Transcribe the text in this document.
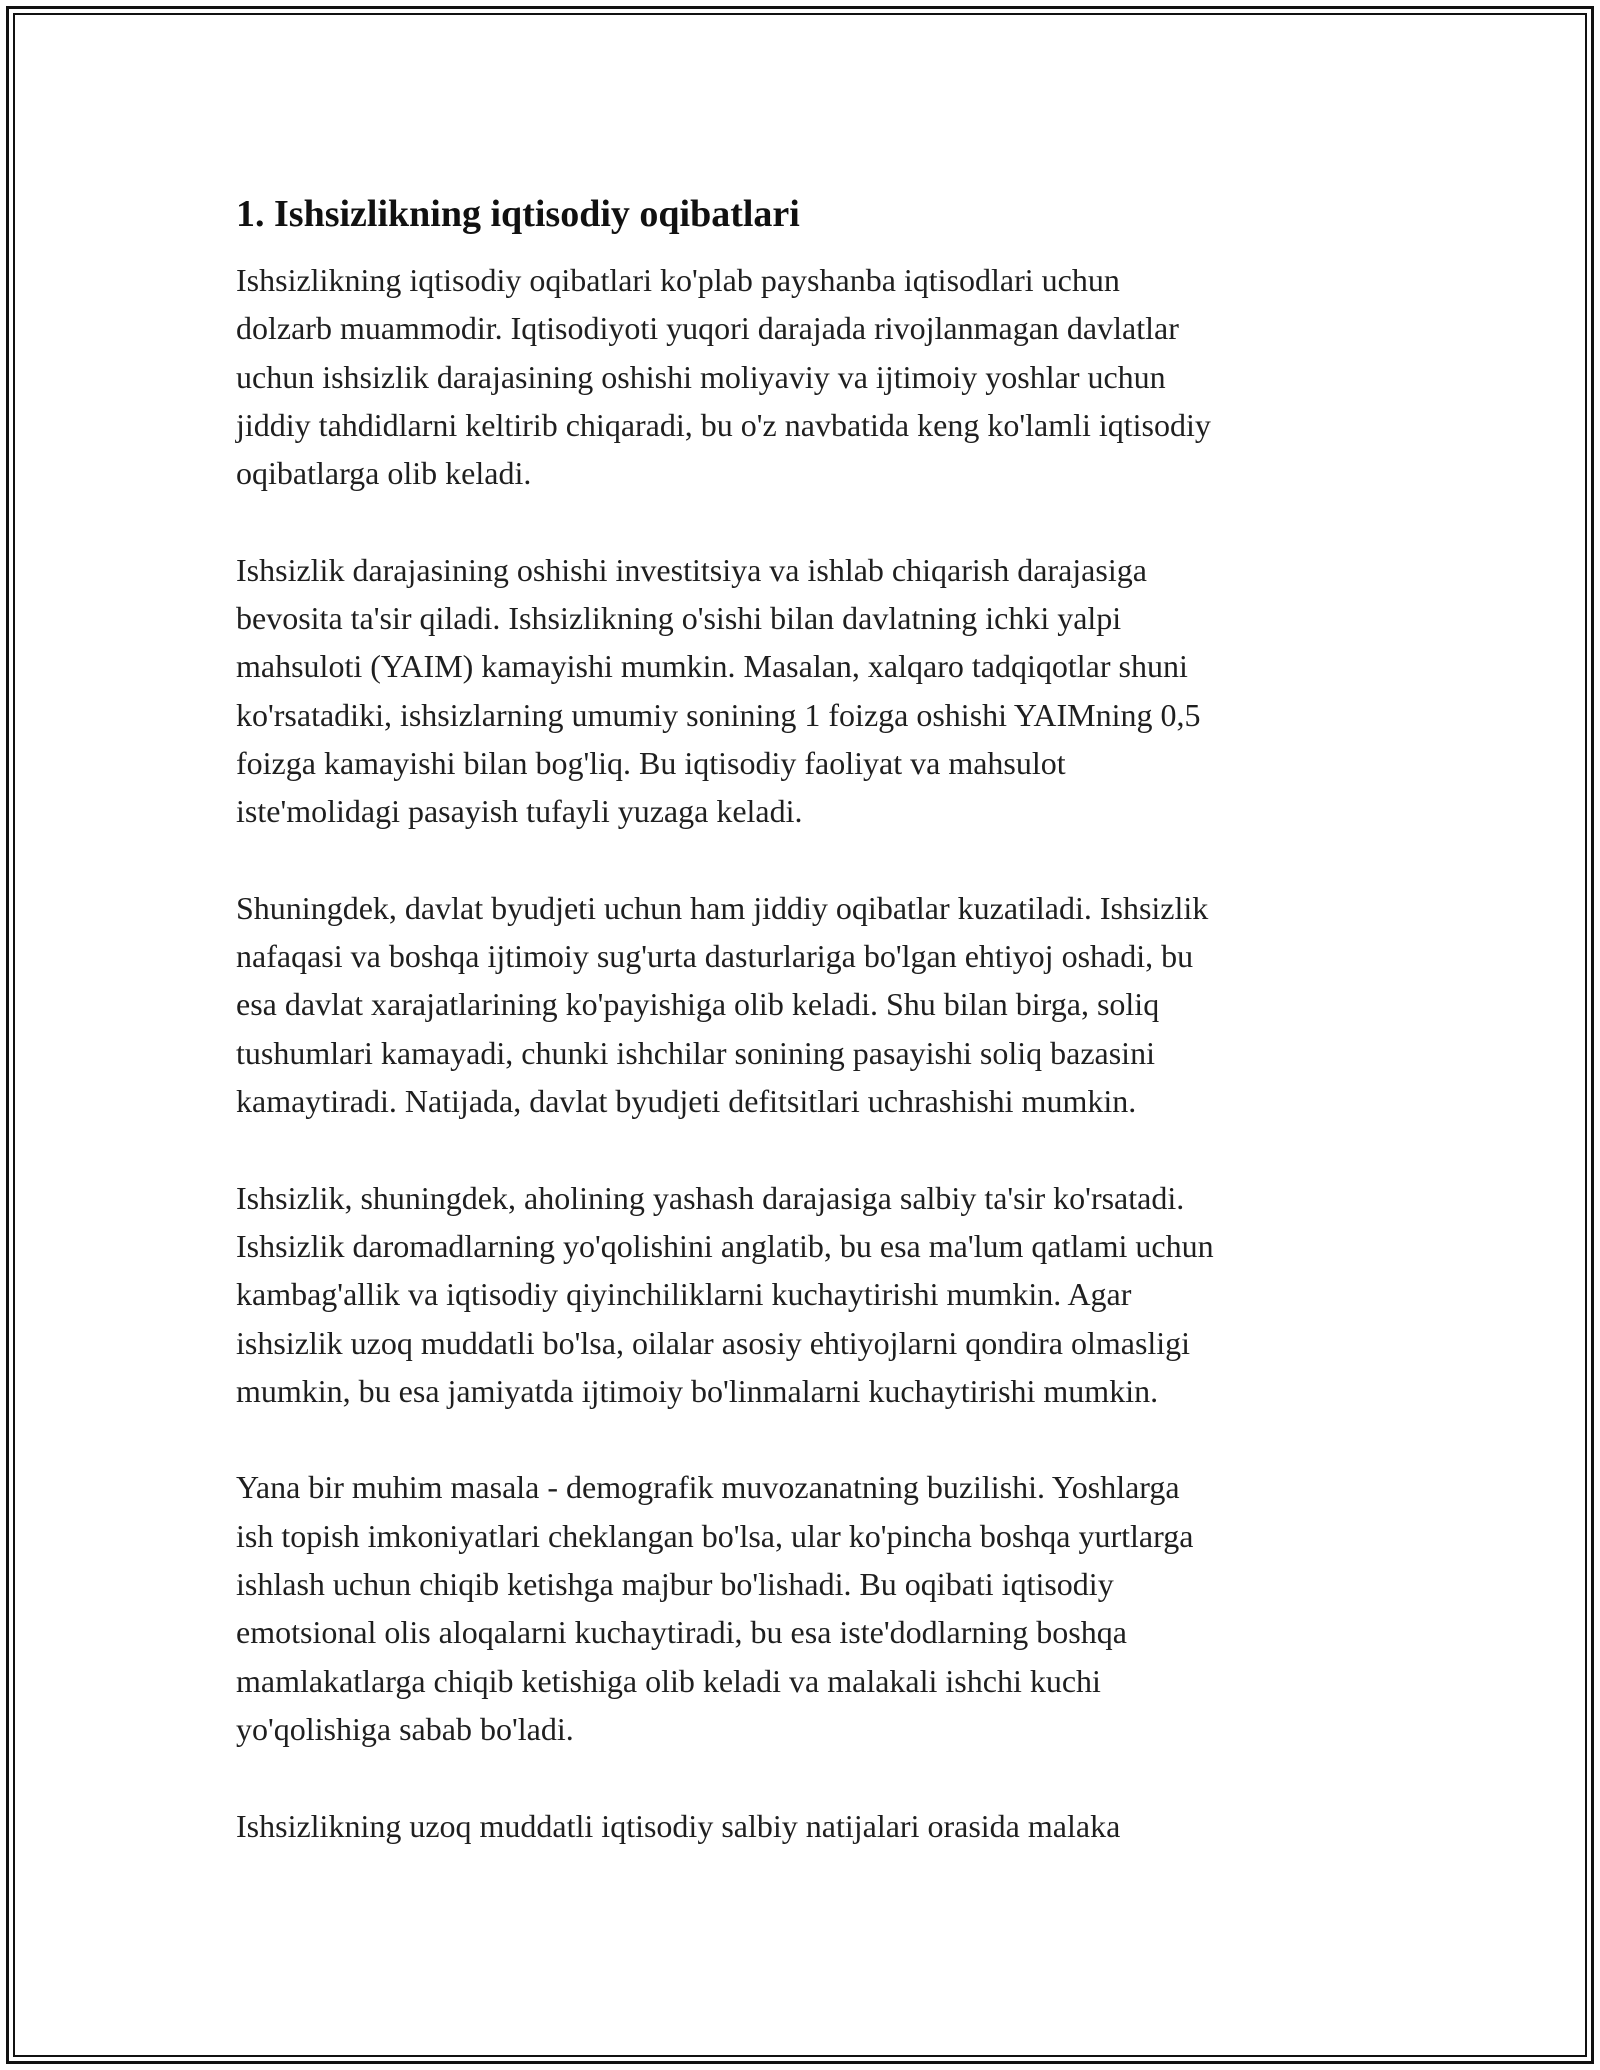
1. Ishsizlikning iqtisodiy oqibatlari

Ishsizlikning iqtisodiy oqibatlari ko'plab payshanba iqtisodlari uchun
dolzarb muammodir. Iqtisodiyoti yuqori darajada rivojlanmagan davlatlar
uchun ishsizlik darajasining oshishi moliyaviy va ijtimoiy yoshlar uchun
jiddiy tahdidlarni keltirib chiqaradi, bu o'z navbatida keng ko'lamli iqtisodiy
oqibatlarga olib keladi.

Ishsizlik darajasining oshishi investitsiya va ishlab chiqarish darajasiga
bevosita ta'sir qiladi. Ishsizlikning o'sishi bilan davlatning ichki yalpi
mahsuloti (YAIM) kamayishi mumkin. Masalan, xalqaro tadqiqotlar shuni
ko'rsatadiki, ishsizlarning umumiy sonining 1 foizga oshishi YAIMning 0,5
foizga kamayishi bilan bog'liq. Bu iqtisodiy faoliyat va mahsulot
iste'molidagi pasayish tufayli yuzaga keladi.

Shuningdek, davlat byudjeti uchun ham jiddiy oqibatlar kuzatiladi. Ishsizlik
nafaqasi va boshqa ijtimoiy sug'urta dasturlariga bo'lgan ehtiyoj oshadi, bu
esa davlat xarajatlarining ko'payishiga olib keladi. Shu bilan birga, soliq
tushumlari kamayadi, chunki ishchilar sonining pasayishi soliq bazasini
kamaytiradi. Natijada, davlat byudjeti defitsitlari uchrashishi mumkin.

Ishsizlik, shuningdek, aholining yashash darajasiga salbiy ta'sir ko'rsatadi.
Ishsizlik daromadlarning yo'qolishini anglatib, bu esa ma'lum qatlami uchun
kambag'allik va iqtisodiy qiyinchiliklarni kuchaytirishi mumkin. Agar
ishsizlik uzoq muddatli bo'lsa, oilalar asosiy ehtiyojlarni qondira olmasligi
mumkin, bu esa jamiyatda ijtimoiy bo'linmalarni kuchaytirishi mumkin.

Yana bir muhim masala - demografik muvozanatning buzilishi. Yoshlarga
ish topish imkoniyatlari cheklangan bo'lsa, ular ko'pincha boshqa yurtlarga
ishlash uchun chiqib ketishga majbur bo'lishadi. Bu oqibati iqtisodiy
emotsional olis aloqalarni kuchaytiradi, bu esa iste'dodlarning boshqa
mamlakatlarga chiqib ketishiga olib keladi va malakali ishchi kuchi
yo'qolishiga sabab bo'ladi.

Ishsizlikning uzoq muddatli iqtisodiy salbiy natijalari orasida malaka
